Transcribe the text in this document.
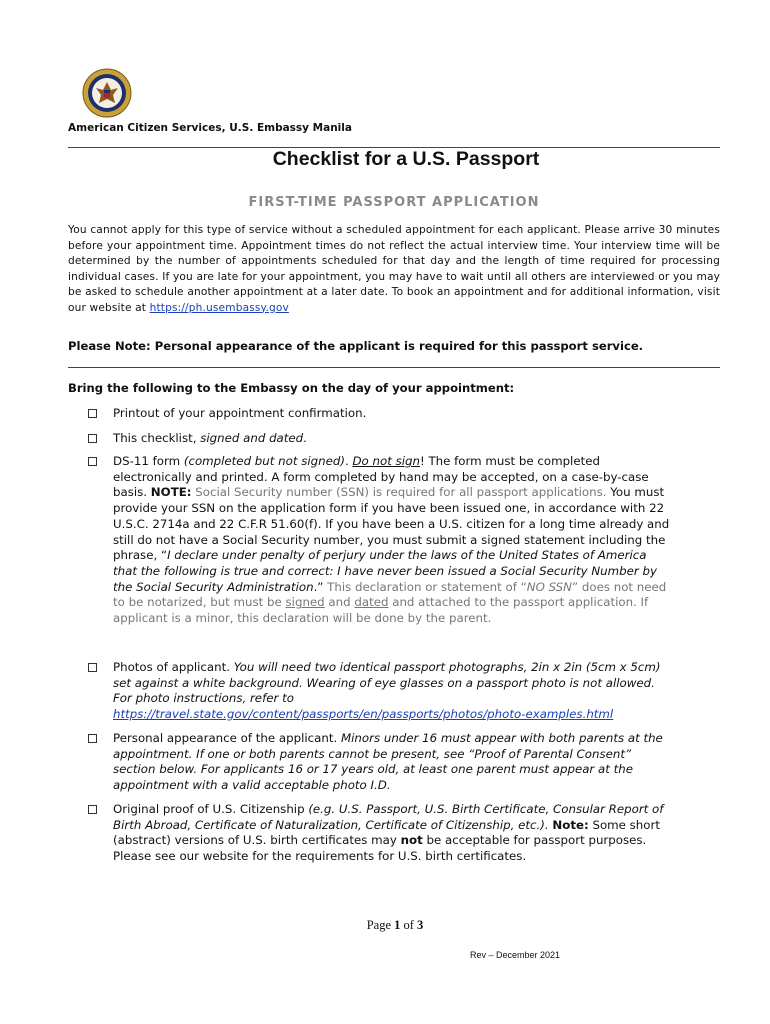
American Citizen Services, U.S. Embassy Manila
Checklist for a U.S. Passport
FIRST-TIME PASSPORT APPLICATION
You cannot apply for this type of service without a scheduled appointment for each applicant. Please arrive 30 minutes before your appointment time. Appointment times do not reflect the actual interview time. Your interview time will be determined by the number of appointments scheduled for that day and the length of time required for processing individual cases. If you are late for your appointment, you may have to wait until all others are interviewed or you may be asked to schedule another appointment at a later date. To book an appointment and for additional information, visit our website at https://ph.usembassy.gov
Please Note: Personal appearance of the applicant is required for this passport service.
Bring the following to the Embassy on the day of your appointment:
Printout of your appointment confirmation.
This checklist, signed and dated.
DS-11 form (completed but not signed). Do not sign! The form must be completed electronically and printed. A form completed by hand may be accepted, on a case-by-case basis. NOTE: Social Security number (SSN) is required for all passport applications. You must provide your SSN on the application form if you have been issued one, in accordance with 22 U.S.C. 2714a and 22 C.F.R 51.60(f). If you have been a U.S. citizen for a long time already and still do not have a Social Security number, you must submit a signed statement including the phrase, “I declare under penalty of perjury under the laws of the United States of America that the following is true and correct: I have never been issued a Social Security Number by the Social Security Administration.” This declaration or statement of “NO SSN” does not need to be notarized, but must be signed and dated and attached to the passport application. If applicant is a minor, this declaration will be done by the parent.
Photos of applicant. You will need two identical passport photographs, 2in x 2in (5cm x 5cm) set against a white background. Wearing of eye glasses on a passport photo is not allowed. For photo instructions, refer to https://travel.state.gov/content/passports/en/passports/photos/photo-examples.html
Personal appearance of the applicant. Minors under 16 must appear with both parents at the appointment. If one or both parents cannot be present, see “Proof of Parental Consent” section below. For applicants 16 or 17 years old, at least one parent must appear at the appointment with a valid acceptable photo I.D.
Original proof of U.S. Citizenship (e.g. U.S. Passport, U.S. Birth Certificate, Consular Report of Birth Abroad, Certificate of Naturalization, Certificate of Citizenship, etc.). Note: Some short (abstract) versions of U.S. birth certificates may not be acceptable for passport purposes. Please see our website for the requirements for U.S. birth certificates.
Page 1 of 3
Rev – December 2021
